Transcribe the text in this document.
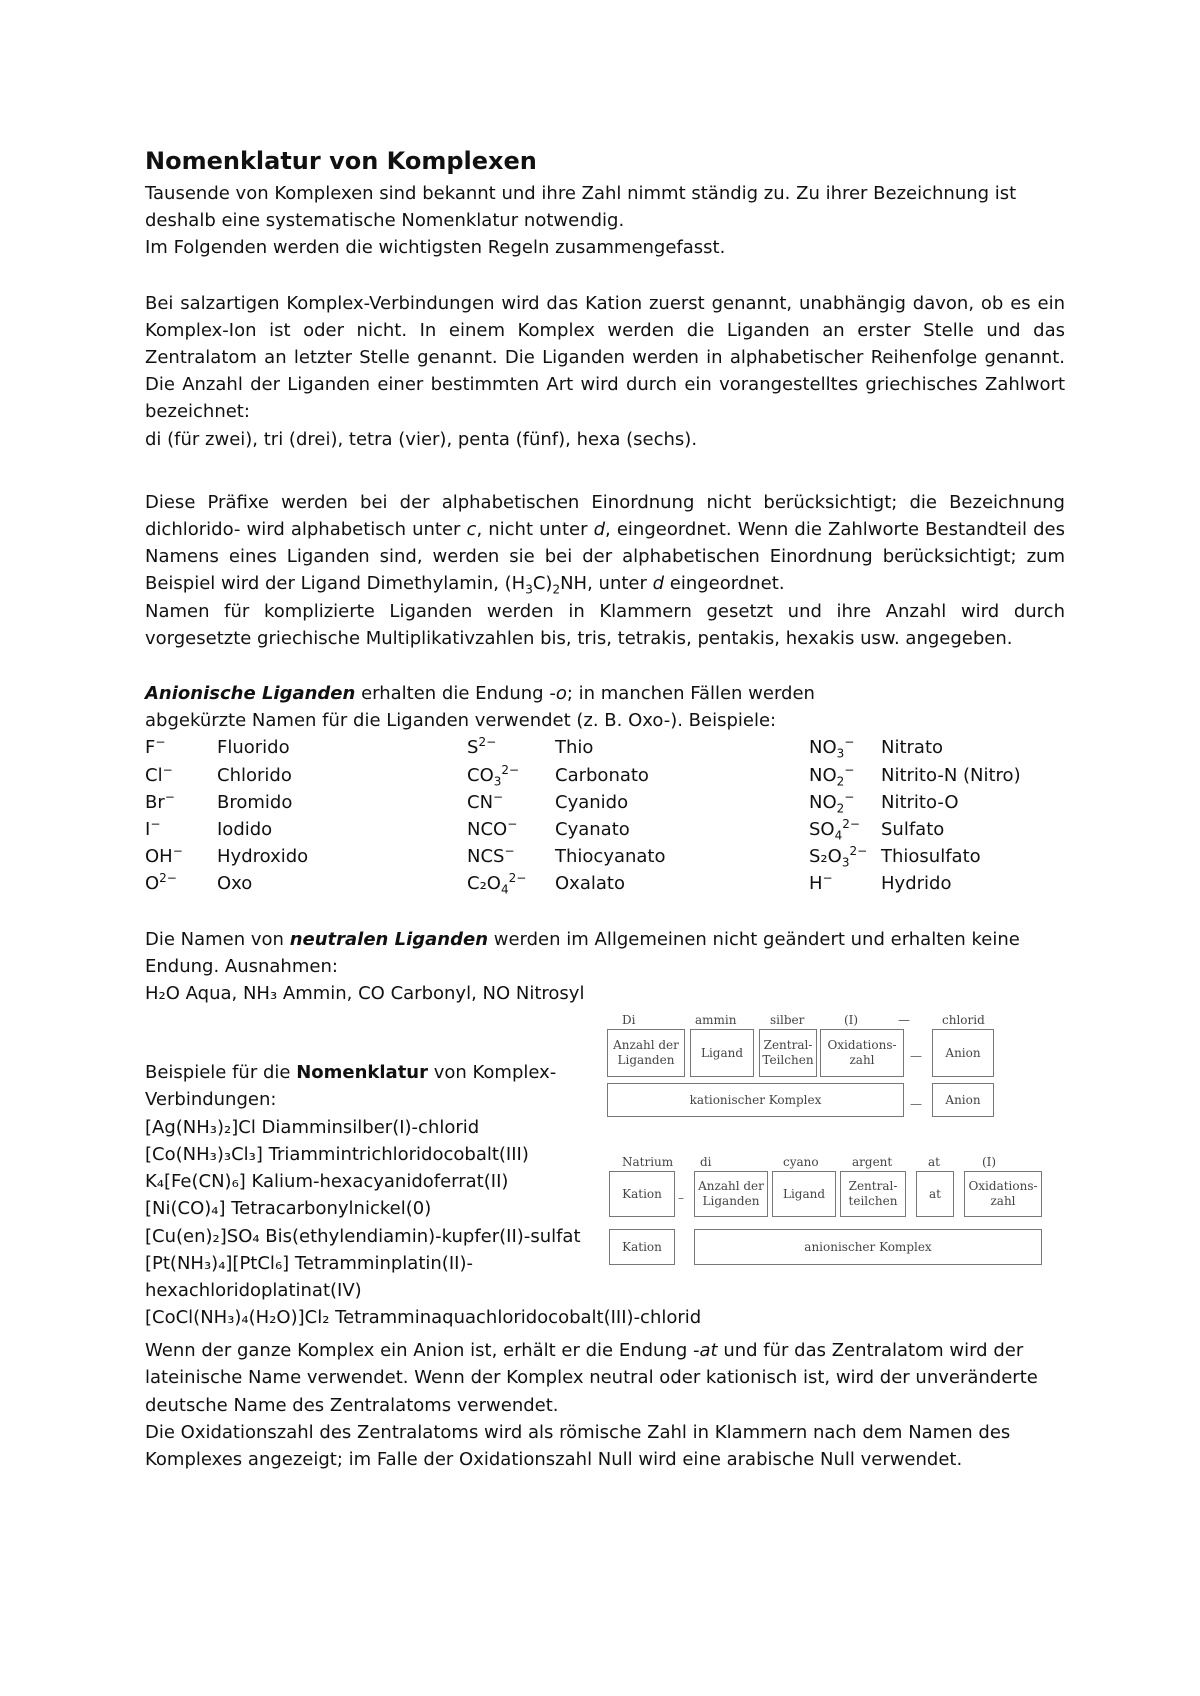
Nomenklatur von Komplexen

Tausende von Komplexen sind bekannt und ihre Zahl nimmt ständig zu. Zu ihrer Bezeichnung ist deshalb eine systematische Nomenklatur notwendig.

Im Folgenden werden die wichtigsten Regeln zusammengefasst.

Bei salzartigen Komplex-Verbindungen wird das Kation zuerst genannt, unabhängig davon, ob es ein Komplex-Ion ist oder nicht. In einem Komplex werden die Liganden an erster Stelle und das Zentralatom an letzter Stelle genannt. Die Liganden werden in alphabetischer Reihenfolge genannt. Die Anzahl der Liganden einer bestimmten Art wird durch ein vorangestelltes griechisches Zahlwort bezeichnet:

di (für zwei), tri (drei), tetra (vier), penta (fünf), hexa (sechs).

Diese Präfixe werden bei der alphabetischen Einordnung nicht berücksichtigt; die Bezeichnung dichlorido- wird alphabetisch unter c, nicht unter d, eingeordnet. Wenn die Zahlworte Bestandteil des Namens eines Liganden sind, werden sie bei der alphabetischen Einordnung berücksichtigt; zum Beispiel wird der Ligand Dimethylamin, $(H_3C)_2NH$, unter d eingeordnet.

Namen für komplizierte Liganden werden in Klammern gesetzt und ihre Anzahl wird durch vorgesetzte griechische Multiplikativzahlen bis, tris, tetrakis, pentakis, hexakis usw. angegeben.

Anionische Liganden erhalten die Endung -o; in manchen Fällen werden

abgekürzte Namen für die Liganden verwendet (z. B. Oxo-). Beispiele:

F−	Fluorido	$S^{2-}$	Thio	$NO_3^-$	Nitrato
Cl−	Chlorido	$CO_3^{2-}$	Carbonato	$NO_2^-$	Nitrito-N (Nitro)
Br−	Bromido	CN−	Cyanido	$NO_2^-$	Nitrito-O
I−	Iodido	NCO−	Cyanato	$SO_4^{2-}$	Sulfato
OH−	Hydroxido	NCS−	Thiocyanato	$S_2O_3^{2-}$	Thiosulfato
$O^{2-}$	Oxo	$C_2O_4^{2-}$	Oxalato	H−	Hydrido

Die Namen von neutralen Liganden werden im Allgemeinen nicht geändert und erhalten keine Endung. Ausnahmen:

H₂O Aqua, NH₃ Ammin, CO Carbonyl, NO Nitrosyl

Beispiele für die Nomenklatur von Komplex-Verbindungen:

[Ag(NH₃)₂]Cl Diamminsilber(I)-chlorid

[Co(NH₃)₃Cl₃] Triammintrichloridocobalt(III)

K₄[Fe(CN)₆] Kalium-hexacyanidoferrat(II)

[Ni(CO)₄] Tetracarbonylnickel(0)

[Cu(en)₂]SO₄ Bis(ethylendiamin)-kupfer(II)-sulfat

[Pt(NH₃)₄][PtCl₆] Tetramminplatin(II)-hexachloridoplatinat(IV)

[CoCl(NH₃)₄(H₂O)]Cl₂ Tetramminaquachloridocobalt(III)-chlorid

Di	ammin	silber	(I)	—	chlorid
Anzahl der Liganden
Ligand
Zentral-Teilchen
Oxidations-zahl	—	Anion
kationischer Komplex	—	Anion
Natrium di	cyano	argent	at	(I)
Kation	–
Anzahl der Liganden
Ligand
Zentral-teilchen
at
Oxidations-zahl
Kation	anionischer Komplex

Wenn der ganze Komplex ein Anion ist, erhält er die Endung -at und für das Zentralatom wird der lateinische Name verwendet. Wenn der Komplex neutral oder kationisch ist, wird der unveränderte deutsche Name des Zentralatoms verwendet.

Die Oxidationszahl des Zentralatoms wird als römische Zahl in Klammern nach dem Namen des Komplexes angezeigt; im Falle der Oxidationszahl Null wird eine arabische Null verwendet.
